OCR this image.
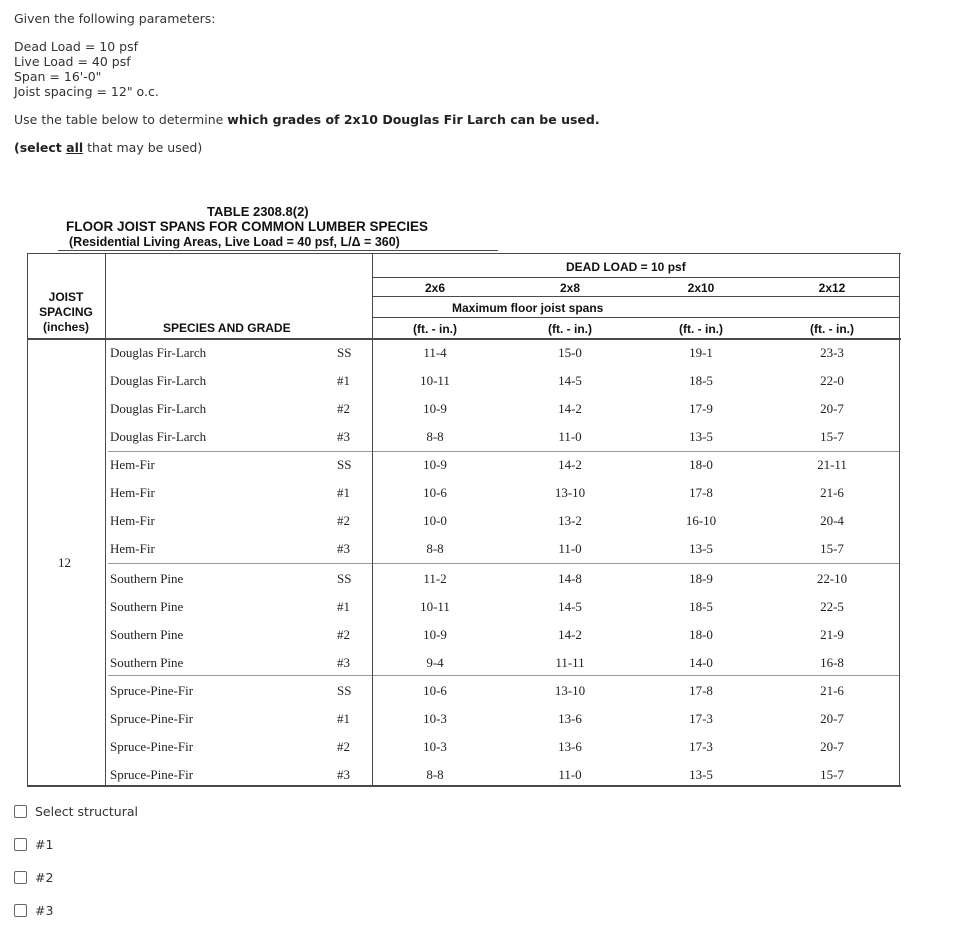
Given the following parameters:
Dead Load = 10 psf
Live Load = 40 psf
Span = 16'-0"
Joist spacing = 12" o.c.
Use the table below to determine which grades of 2x10 Douglas Fir Larch can be used.
(select all that may be used)
TABLE 2308.8(2)
FLOOR JOIST SPANS FOR COMMON LUMBER SPECIES
(Residential Living Areas, Live Load = 40 psf, L/Δ = 360)
JOIST
SPACING
(inches)	SPECIES AND GRADE
DEAD LOAD = 10 psf
2x6	2x8	2x10	2x12
Maximum floor joist spans
(ft. - in.)	(ft. - in.)	(ft. - in.)	(ft. - in.)
12
Douglas Fir-Larch	SS	11-4	15-0	19-1	23-3
Douglas Fir-Larch	#1	10-11	14-5	18-5	22-0
Douglas Fir-Larch	#2	10-9	14-2	17-9	20-7
Douglas Fir-Larch	#3	8-8	11-0	13-5	15-7
Hem-Fir	SS	10-9	14-2	18-0	21-11
Hem-Fir	#1	10-6	13-10	17-8	21-6
Hem-Fir	#2	10-0	13-2	16-10	20-4
Hem-Fir	#3	8-8	11-0	13-5	15-7
Southern Pine	SS	11-2	14-8	18-9	22-10
Southern Pine	#1	10-11	14-5	18-5	22-5
Southern Pine	#2	10-9	14-2	18-0	21-9
Southern Pine	#3	9-4	11-11	14-0	16-8
Spruce-Pine-Fir	SS	10-6	13-10	17-8	21-6
Spruce-Pine-Fir	#1	10-3	13-6	17-3	20-7
Spruce-Pine-Fir	#2	10-3	13-6	17-3	20-7
Spruce-Pine-Fir	#3	8-8	11-0	13-5	15-7
Select structural
#1
#2
#3
